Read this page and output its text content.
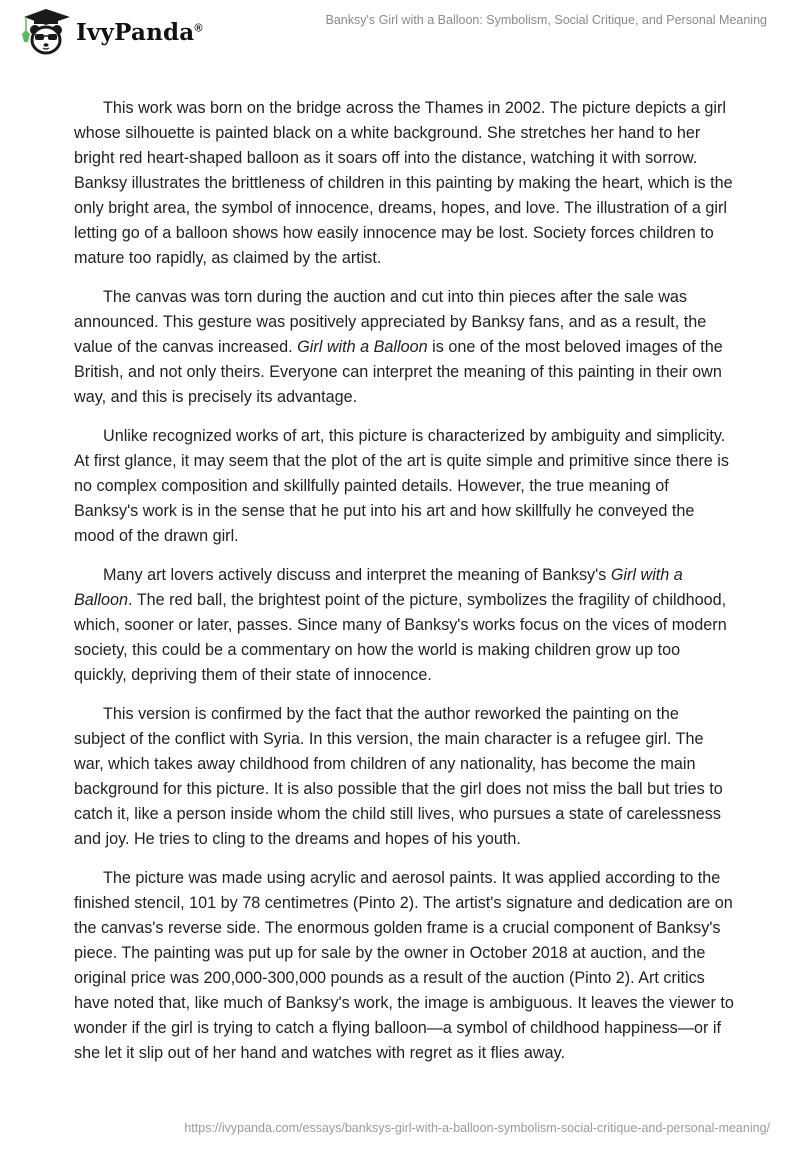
IvyPanda®
Banksy's Girl with a Balloon: Symbolism, Social Critique, and Personal Meaning

This work was born on the bridge across the Thames in 2002. The picture depicts a girl whose silhouette is painted black on a white background. She stretches her hand to her bright red heart-shaped balloon as it soars off into the distance, watching it with sorrow. Banksy illustrates the brittleness of children in this painting by making the heart, which is the only bright area, the symbol of innocence, dreams, hopes, and love. The illustration of a girl letting go of a balloon shows how easily innocence may be lost. Society forces children to mature too rapidly, as claimed by the artist.

The canvas was torn during the auction and cut into thin pieces after the sale was announced. This gesture was positively appreciated by Banksy fans, and as a result, the value of the canvas increased. Girl with a Balloon is one of the most beloved images of the British, and not only theirs. Everyone can interpret the meaning of this painting in their own way, and this is precisely its advantage.

Unlike recognized works of art, this picture is characterized by ambiguity and simplicity. At first glance, it may seem that the plot of the art is quite simple and primitive since there is no complex composition and skillfully painted details. However, the true meaning of Banksy's work is in the sense that he put into his art and how skillfully he conveyed the mood of the drawn girl.

Many art lovers actively discuss and interpret the meaning of Banksy's Girl with a Balloon. The red ball, the brightest point of the picture, symbolizes the fragility of childhood, which, sooner or later, passes. Since many of Banksy's works focus on the vices of modern society, this could be a commentary on how the world is making children grow up too quickly, depriving them of their state of innocence.

This version is confirmed by the fact that the author reworked the painting on the subject of the conflict with Syria. In this version, the main character is a refugee girl. The war, which takes away childhood from children of any nationality, has become the main background for this picture. It is also possible that the girl does not miss the ball but tries to catch it, like a person inside whom the child still lives, who pursues a state of carelessness and joy. He tries to cling to the dreams and hopes of his youth.

The picture was made using acrylic and aerosol paints. It was applied according to the finished stencil, 101 by 78 centimetres (Pinto 2). The artist's signature and dedication are on the canvas's reverse side. The enormous golden frame is a crucial component of Banksy's piece. The painting was put up for sale by the owner in October 2018 at auction, and the original price was 200,000-300,000 pounds as a result of the auction (Pinto 2). Art critics have noted that, like much of Banksy's work, the image is ambiguous. It leaves the viewer to wonder if the girl is trying to catch a flying balloon—a symbol of childhood happiness—or if she let it slip out of her hand and watches with regret as it flies away.

https://ivypanda.com/essays/banksys-girl-with-a-balloon-symbolism-social-critique-and-personal-meaning/
